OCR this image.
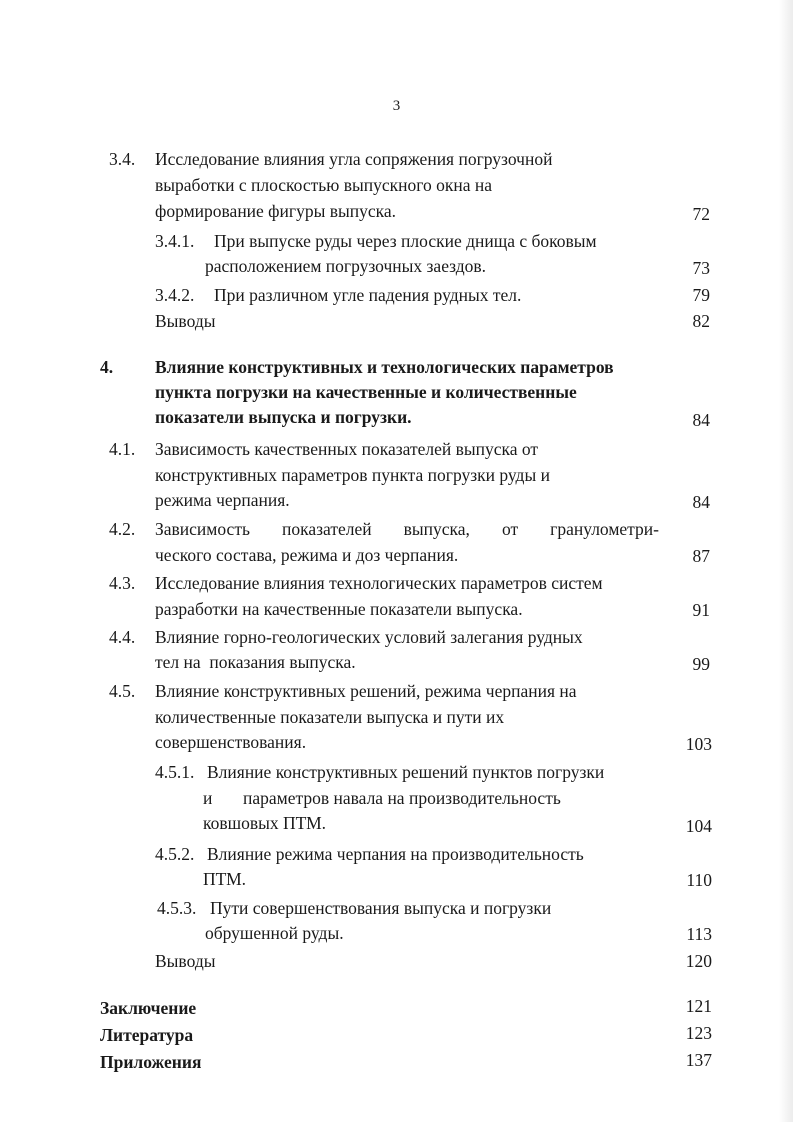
3
3.4. Исследование влияния угла сопряжения погрузочной
выработки с плоскостью выпускного окна на
формирование фигуры выпуска.	72
3.4.1. При выпуске руды через плоские днища с боковым
расположением погрузочных заездов.	73
3.4.2. При различном угле падения рудных тел.	79
Выводы	82
4. Влияние конструктивных и технологических параметров
пункта погрузки на качественные и количественные
показатели выпуска и погрузки.	84
4.1. Зависимость качественных показателей выпуска от
конструктивных параметров пункта погрузки руды и
режима черпания.	84
4.2. Зависимость показателей выпуска, от гранулометри-
ческого состава, режима и доз черпания.	87
4.3. Исследование влияния технологических параметров систем
разработки на качественные показатели выпуска.	91
4.4. Влияние горно-геологических условий залегания рудных
тел на  показания выпуска.	99
4.5. Влияние конструктивных решений, режима черпания на
количественные показатели выпуска и пути их
совершенствования.	103
4.5.1. Влияние конструктивных решений пунктов погрузки
и       параметров навала на производительность
ковшовых ПТМ.	104
4.5.2. Влияние режима черпания на производительность
ПТМ.	110
4.5.3. Пути совершенствования выпуска и погрузки
обрушенной руды.	113
Выводы	120
Заключение	121
Литература	123
Приложения	137
